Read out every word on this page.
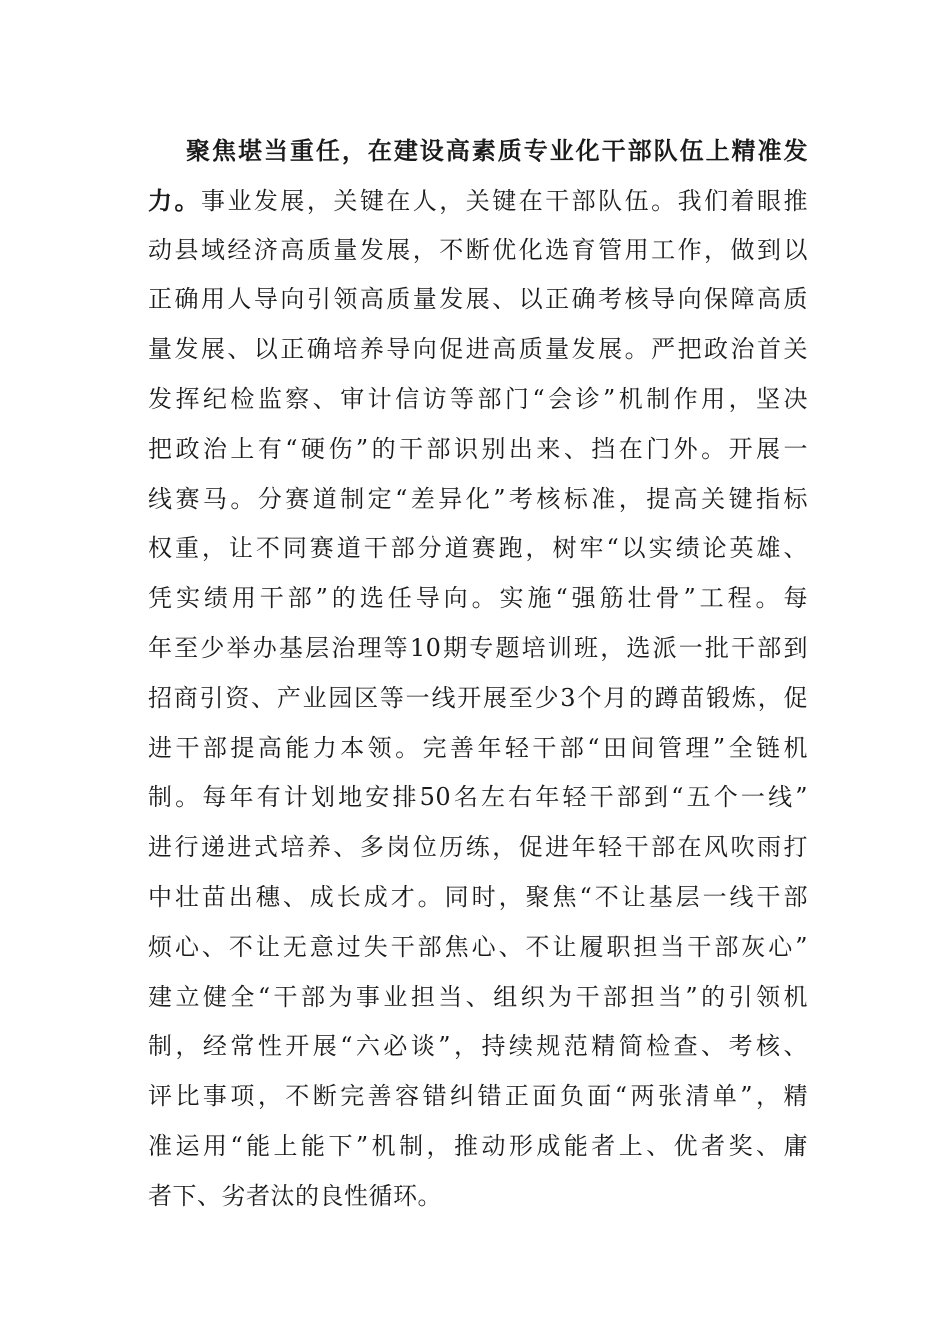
聚焦堪当重任，在建设高素质专业化干部队伍上精准发
力。事业发展，关键在人，关键在干部队伍。我们着眼推
动县域经济高质量发展，不断优化选育管用工作，做到以
正确用人导向引领高质量发展、以正确考核导向保障高质
量发展、以正确培养导向促进高质量发展。严把政治首关
发挥纪检监察、审计信访等部门“会诊”机制作用，坚决
把政治上有“硬伤”的干部识别出来、挡在门外。开展一
线赛马。分赛道制定“差异化”考核标准，提高关键指标
权重，让不同赛道干部分道赛跑，树牢“以实绩论英雄、
凭实绩用干部”的选任导向。实施“强筋壮骨”工程。每
年至少举办基层治理等10期专题培训班，选派一批干部到
招商引资、产业园区等一线开展至少3个月的蹲苗锻炼，促
进干部提高能力本领。完善年轻干部“田间管理”全链机
制。每年有计划地安排50名左右年轻干部到“五个一线”
进行递进式培养、多岗位历练，促进年轻干部在风吹雨打
中壮苗出穗、成长成才。同时，聚焦“不让基层一线干部
烦心、不让无意过失干部焦心、不让履职担当干部灰心”
建立健全“干部为事业担当、组织为干部担当”的引领机
制，经常性开展“六必谈”，持续规范精简检查、考核、
评比事项，不断完善容错纠错正面负面“两张清单”，精
准运用“能上能下”机制，推动形成能者上、优者奖、庸
者下、劣者汰的良性循环。
